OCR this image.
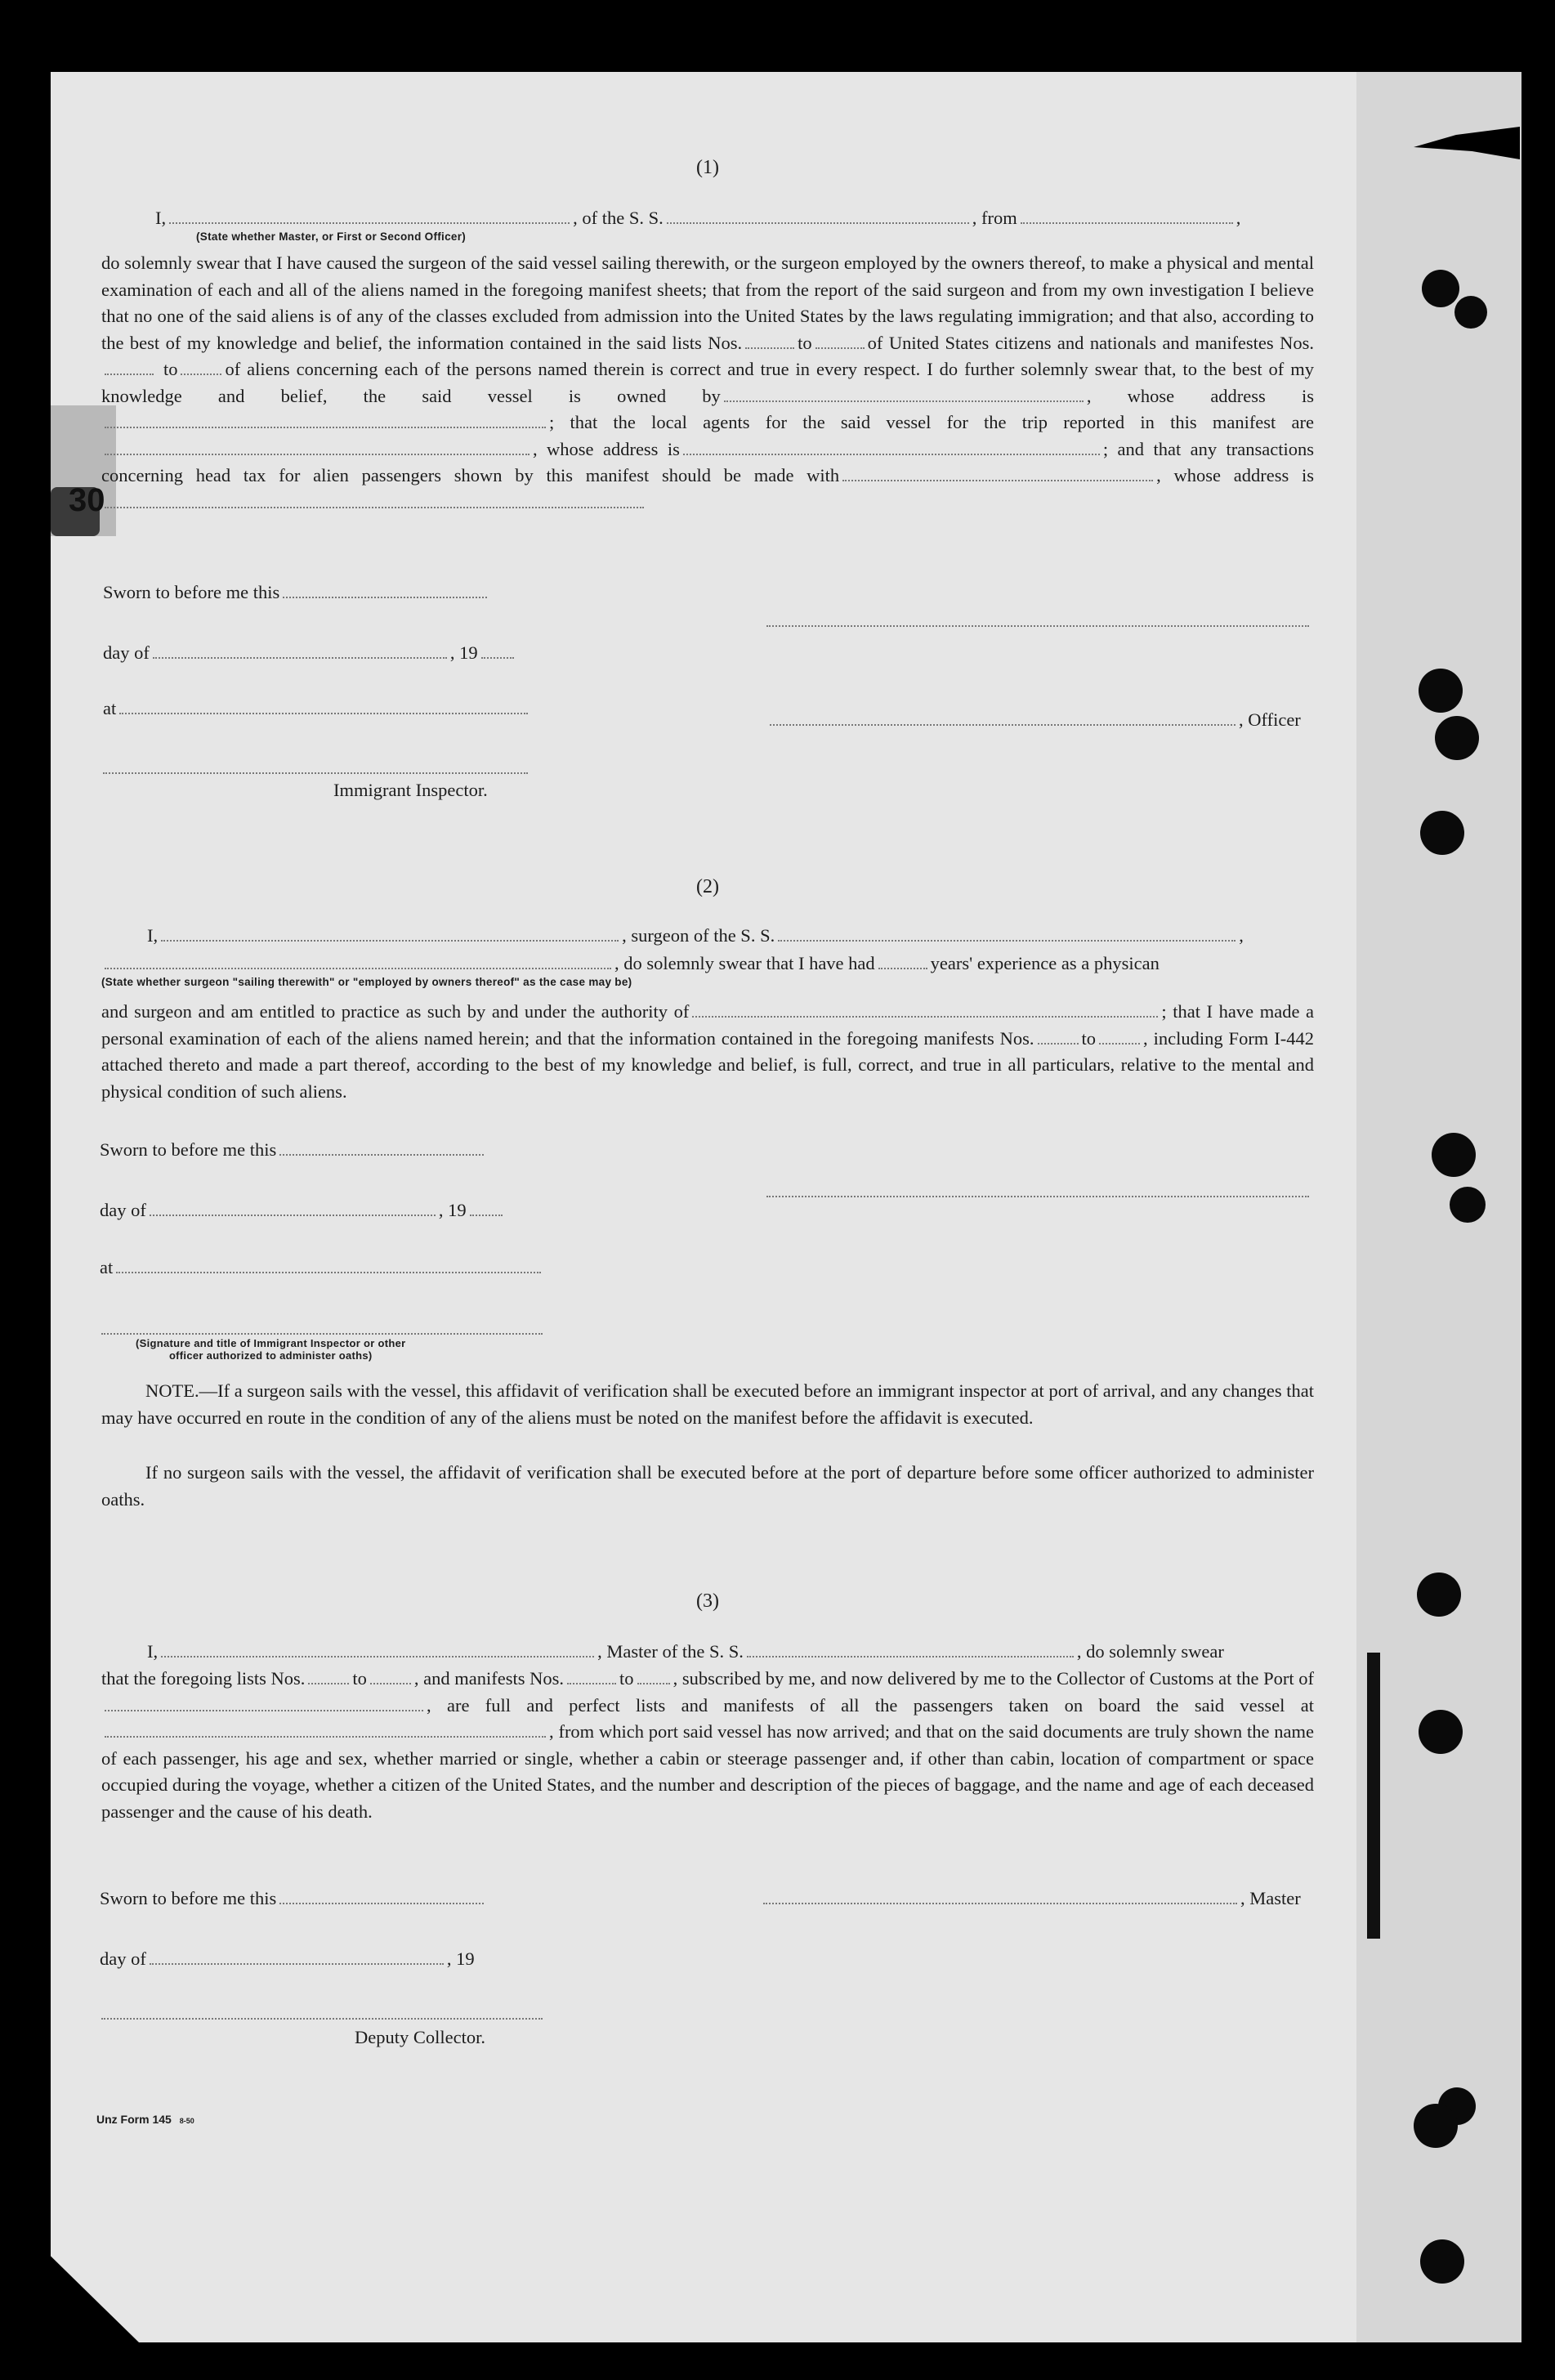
30
(1)
I,	, of the S. S.	, from	,
(State whether Master, or First or Second Officer)
do solemnly swear that I have caused the surgeon of the said vessel sailing therewith, or the surgeon employed by the owners thereof, to make a physical and mental examination of each and all of the aliens named in the foregoing manifest sheets; that from the report of the said surgeon and from my own investigation I believe that no one of the said aliens is of any of the classes excluded from admission into the United States by the laws regulating immigration; and that also, according to the best of my knowledge and belief, the information contained in the said lists Nos.	to	of United States citizens and nationals and manifestes Nos. to	of aliens concerning each of the persons named therein is correct and true in every respect. I do further solemnly swear that, to the best of my knowledge and belief, the said vessel is owned by	, whose address is ; that the local agents for the said vessel for the trip reported in this manifest are , whose address is	; and that any transactions concerning head tax for alien passengers shown by this manifest should be made with	, whose address is
Sworn to before me this
day of	, 19
at
, Officer
Immigrant Inspector.
(2)
I,	, surgeon of the S. S.	,
, do solemnly swear that I have had	years' experience as a physican
(State whether surgeon "sailing therewith" or "employed by owners thereof" as the case may be)
and surgeon and am entitled to practice as such by and under the authority of	; that I have made a personal examination of each of the aliens named herein; and that the information contained in the foregoing manifests Nos.	to	, including Form I-442 attached thereto and made a part thereof, according to the best of my knowledge and belief, is full, correct, and true in all particulars, relative to the mental and physical condition of such aliens.
Sworn to before me this
day of	, 19
at
(Signature and title of Immigrant Inspector or other
officer authorized to administer oaths)
NOTE.—If a surgeon sails with the vessel, this affidavit of verification shall be executed before an immigrant inspector at port of arrival, and any changes that may have occurred en route in the condition of any of the aliens must be noted on the manifest before the affidavit is executed.
If no surgeon sails with the vessel, the affidavit of verification shall be executed before at the port of departure before some officer authorized to administer oaths.
(3)
I,	, Master of the S. S.	, do solemnly swear
that the foregoing lists Nos.	to	, and manifests Nos.	to , subscribed by me, and now delivered by me to the Collector of Customs at the Port of, are full and perfect lists and manifests of all the passengers taken on board the said vessel at, from which port said vessel has now arrived; and that on the said documents are truly shown the name of each passenger, his age and sex, whether married or single, whether a cabin or steerage passenger and, if other than cabin, location of compartment or space occupied during the voyage, whether a citizen of the United States, and the number and description of the pieces of baggage, and the name and age of each deceased passenger and the cause of his death.
Sworn to before me this	, Master
day of	, 19
Deputy Collector.
Unz Form 145 8-50
